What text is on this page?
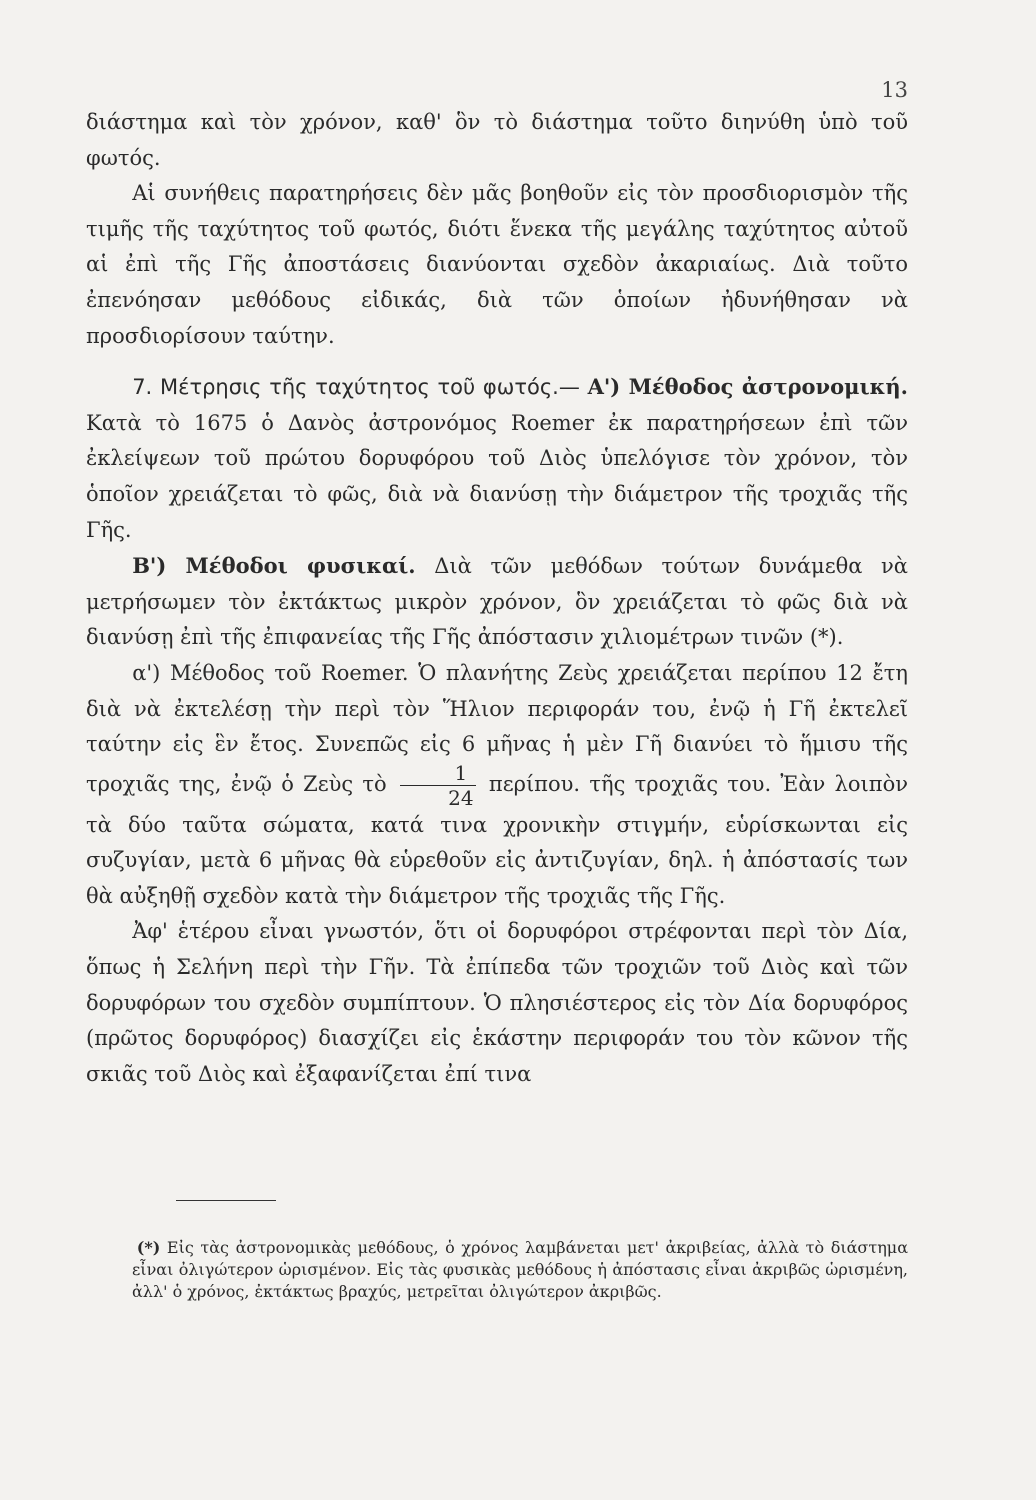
13

διάστημα καὶ τὸν χρόνον, καθ' ὃν τὸ διάστημα τοῦτο διηνύθη ὑπὸ τοῦ φωτός.

Αἱ συνήθεις παρατηρήσεις δὲν μᾶς βοηθοῦν εἰς τὸν προσδιορισμὸν τῆς τιμῆς τῆς ταχύτητος τοῦ φωτός, διότι ἕνεκα τῆς μεγάλης ταχύτητος αὐτοῦ αἱ ἐπὶ τῆς Γῆς ἀποστάσεις διανύονται σχεδὸν ἀκαριαίως. Διὰ τοῦτο ἐπενόησαν μεθόδους εἰδικάς, διὰ τῶν ὁποίων ἠδυνήθησαν νὰ προσδιορίσουν ταύτην.

7. Μέτρησις τῆς ταχύτητος τοῦ φωτός.— Α') Μέθοδος ἀστρονομική. Κατὰ τὸ 1675 ὁ Δανὸς ἀστρονόμος Roemer ἐκ παρατηρήσεων ἐπὶ τῶν ἐκλείψεων τοῦ πρώτου δορυφόρου τοῦ Διὸς ὑπελόγισε τὸν χρόνον, τὸν ὁποῖον χρειάζεται τὸ φῶς, διὰ νὰ διανύσῃ τὴν διάμετρον τῆς τροχιᾶς τῆς Γῆς.

Β') Μέθοδοι φυσικαί. Διὰ τῶν μεθόδων τούτων δυνάμεθα νὰ μετρήσωμεν τὸν ἐκτάκτως μικρὸν χρόνον, ὃν χρειάζεται τὸ φῶς διὰ νὰ διανύσῃ ἐπὶ τῆς ἐπιφανείας τῆς Γῆς ἀπόστασιν χιλιομέτρων τινῶν (*).

α') Μέθοδος τοῦ Roemer. Ὁ πλανήτης Ζεὺς χρειάζεται περίπου 12 ἔτη διὰ νὰ ἐκτελέσῃ τὴν περὶ τὸν Ἥλιον περιφοράν του, ἐνῷ ἡ Γῆ ἐκτελεῖ ταύτην εἰς ἓν ἔτος. Συνεπῶς εἰς 6 μῆνας ἡ μὲν Γῆ διανύει τὸ ἥμισυ τῆς τροχιᾶς της, ἐνῷ ὁ Ζεὺς τὸ $\frac{1}{24} \pi\varepsilon\rho ί\pi o\upsilon$. τῆς τροχιᾶς του. Ἐὰν λοιπὸν τὰ δύο ταῦτα σώματα, κατά τινα χρονικὴν στιγμήν, εὑρίσκωνται εἰς συζυγίαν, μετὰ 6 μῆνας θὰ εὑρεθοῦν εἰς ἀντιζυγίαν, δηλ. ἡ ἀπόστασίς των θὰ αὐξηθῇ σχεδὸν κατὰ τὴν διάμετρον τῆς τροχιᾶς τῆς Γῆς.

Ἀφ' ἑτέρου εἶναι γνωστόν, ὅτι οἱ δορυφόροι στρέφονται περὶ τὸν Δία, ὅπως ἡ Σελήνη περὶ τὴν Γῆν. Τὰ ἐπίπεδα τῶν τροχιῶν τοῦ Διὸς καὶ τῶν δορυφόρων του σχεδὸν συμπίπτουν. Ὁ πλησιέστερος εἰς τὸν Δία δορυφόρος (πρῶτος δορυφόρος) διασχίζει εἰς ἑκάστην περιφοράν του τὸν κῶνον τῆς σκιᾶς τοῦ Διὸς καὶ ἐξαφανίζεται ἐπί τινα

(*) Εἰς τὰς ἀστρονομικὰς μεθόδους, ὁ χρόνος λαμβάνεται μετ' ἀκριβείας, ἀλλὰ τὸ διάστημα εἶναι ὀλιγώτερον ὡρισμένον. Εἰς τὰς φυσικὰς μεθόδους ἡ ἀπόστασις εἶναι ἀκριβῶς ὡρισμένη, ἀλλ' ὁ χρόνος, ἐκτάκτως βραχύς, μετρεῖται ὀλιγώτερον ἀκριβῶς.
